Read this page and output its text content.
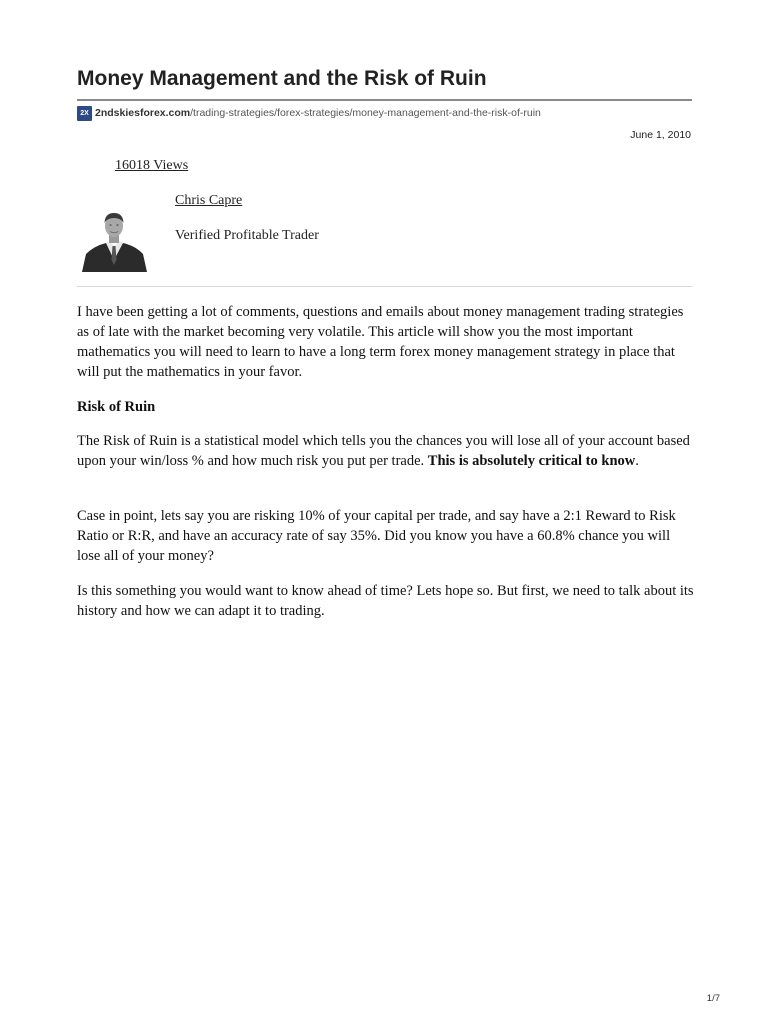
Money Management and the Risk of Ruin
2X 2ndskiesforex.com /trading-strategies/forex-strategies/money-management-and-the-risk-of-ruin
June 1, 2010
16018 Views
Chris Capre
Verified Profitable Trader

I have been getting a lot of comments, questions and emails about money management trading strategies as of late with the market becoming very volatile. This article will show you the most important mathematics you will need to learn to have a long term forex money management strategy in place that will put the mathematics in your favor.

Risk of Ruin

The Risk of Ruin is a statistical model which tells you the chances you will lose all of your account based upon your win/loss % and how much risk you put per trade. This is absolutely critical to know.

Case in point, lets say you are risking 10% of your capital per trade, and say have a 2:1 Reward to Risk Ratio or R:R, and have an accuracy rate of say 35%. Did you know you have a 60.8% chance you will lose all of your money?

Is this something you would want to know ahead of time? Lets hope so. But first, we need to talk about its history and how we can adapt it to trading.

1/7
